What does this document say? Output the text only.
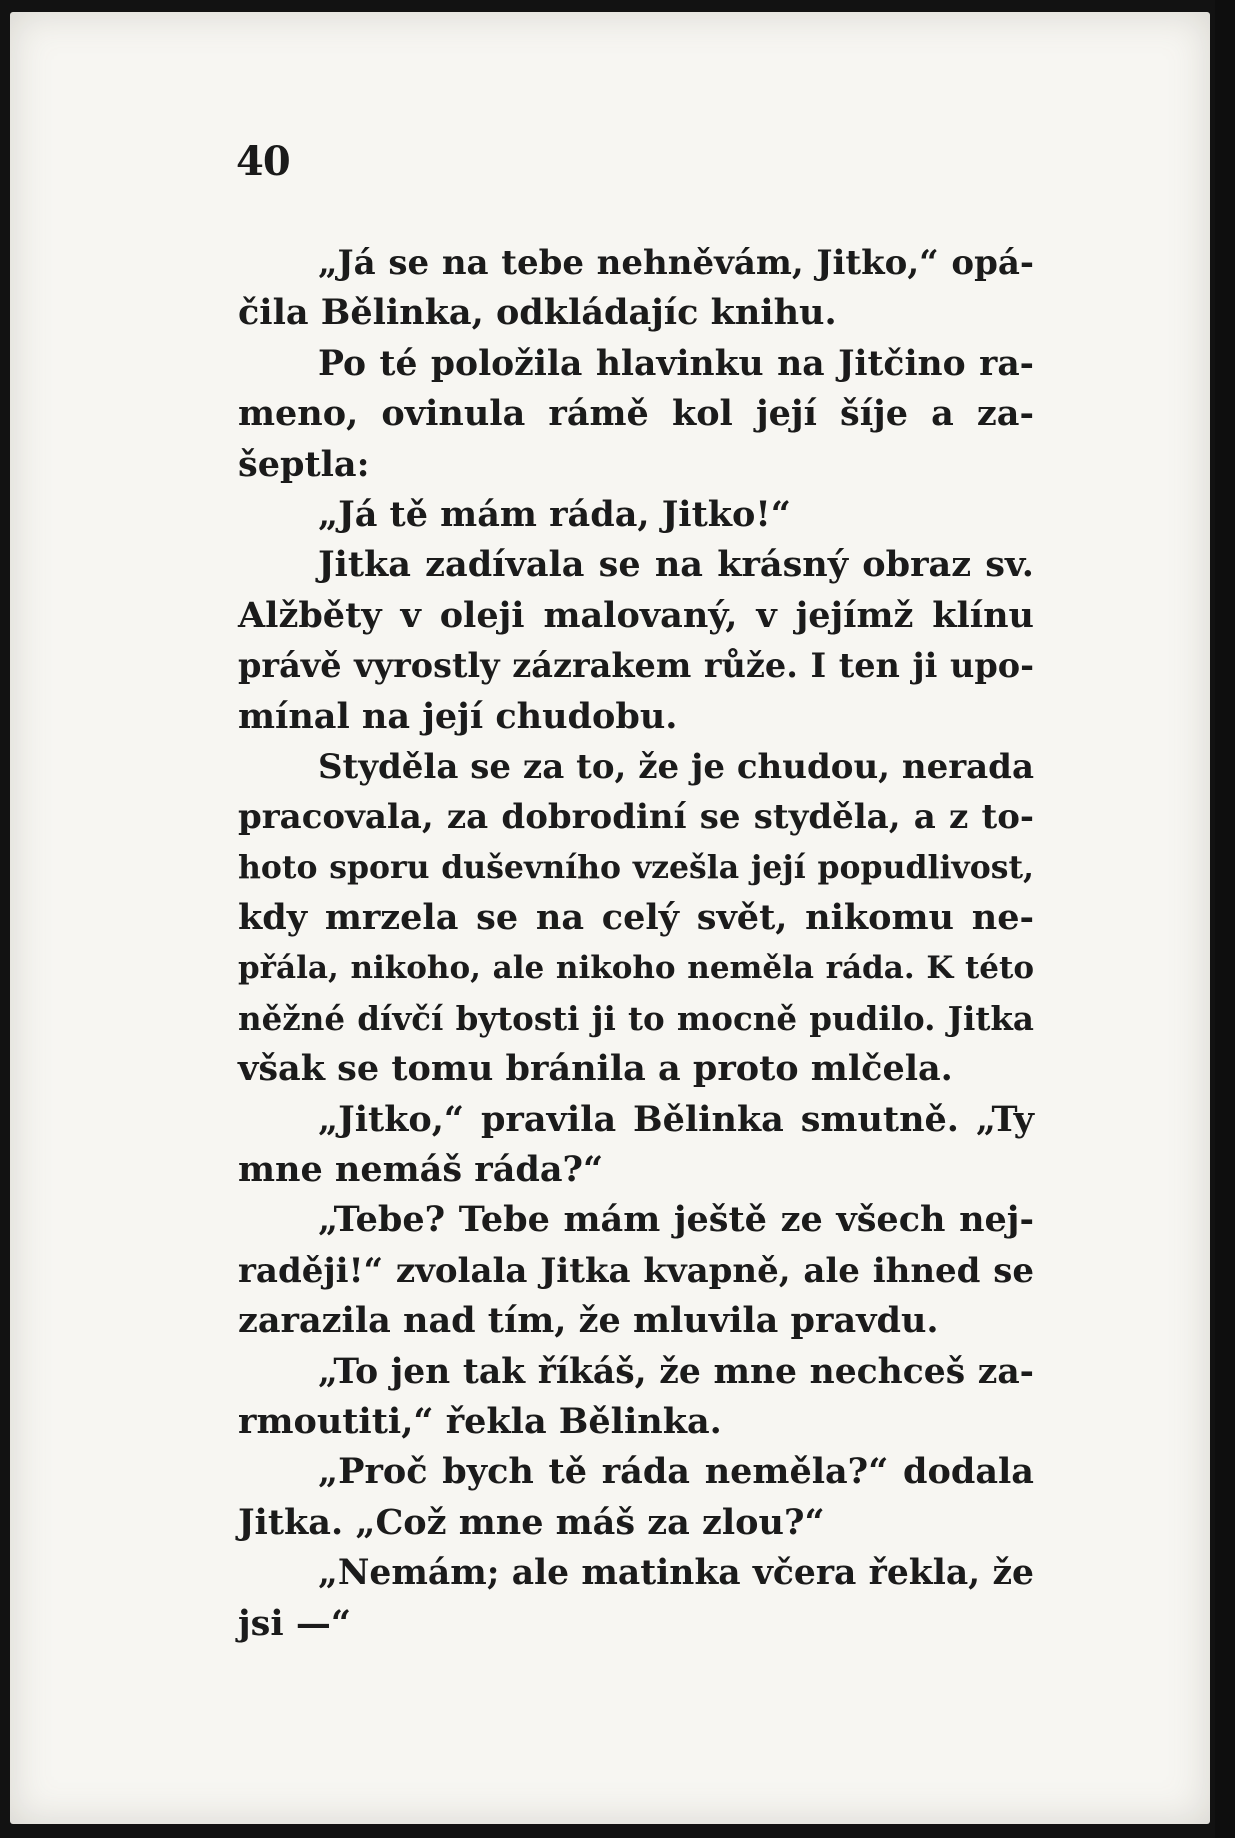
40
„Já se na tebe nehněvám, Jitko,“ opá-
čila Bělinka, odkládajíc knihu.
Po té položila hlavinku na Jitčino ra-
meno, ovinula rámě kol její šíje a za-
šeptla:
„Já tě mám ráda, Jitko!“
Jitka zadívala se na krásný obraz sv.
Alžběty v oleji malovaný, v jejímž klínu
právě vyrostly zázrakem růže. I ten ji upo-
mínal na její chudobu.
Styděla se za to, že je chudou, nerada
pracovala, za dobrodiní se styděla, a z to-
hoto sporu duševního vzešla její popudlivost,
kdy mrzela se na celý svět, nikomu ne-
přála, nikoho, ale nikoho neměla ráda. K této
něžné dívčí bytosti ji to mocně pudilo. Jitka
však se tomu bránila a proto mlčela.
„Jitko,“ pravila Bělinka smutně. „Ty
mne nemáš ráda?“
„Tebe? Tebe mám ještě ze všech nej-
raději!“ zvolala Jitka kvapně, ale ihned se
zarazila nad tím, že mluvila pravdu.
„To jen tak říkáš, že mne nechceš za-
rmoutiti,“ řekla Bělinka.
„Proč bych tě ráda neměla?“ dodala
Jitka. „Což mne máš za zlou?“
„Nemám; ale matinka včera řekla, že
jsi —“
